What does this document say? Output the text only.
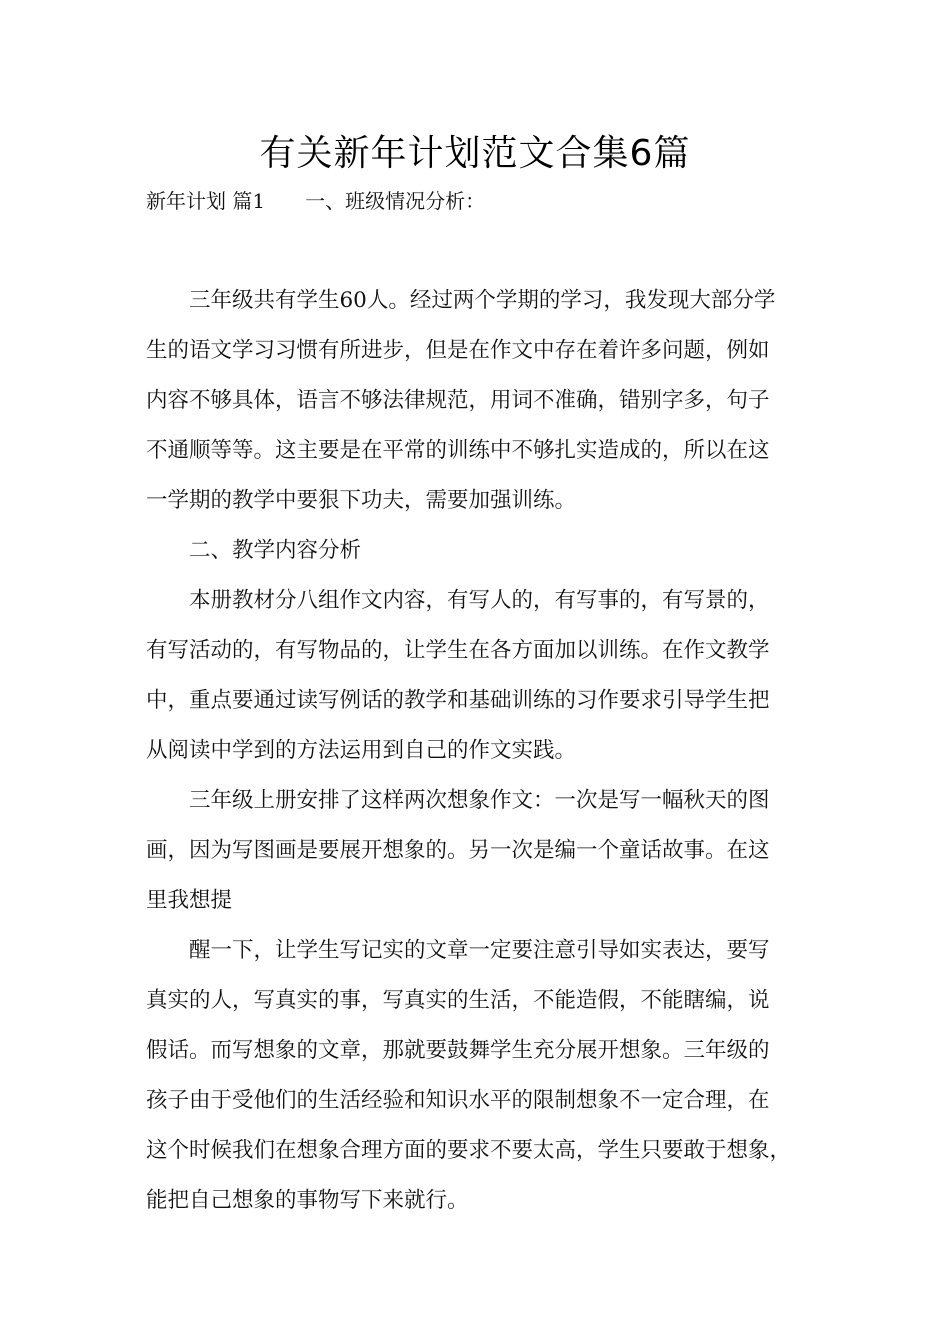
有关新年计划范文合集6篇
新年计划 篇1 一、班级情况分析：
　　三年级共有学生60人。经过两个学期的学习，我发现大部分学
生的语文学习习惯有所进步，但是在作文中存在着许多问题，例如
内容不够具体，语言不够法律规范，用词不准确，错别字多，句子
不通顺等等。这主要是在平常的训练中不够扎实造成的，所以在这
一学期的教学中要狠下功夫，需要加强训练。
　　二、教学内容分析
　　本册教材分八组作文内容，有写人的，有写事的，有写景的，
有写活动的，有写物品的，让学生在各方面加以训练。在作文教学
中，重点要通过读写例话的教学和基础训练的习作要求引导学生把
从阅读中学到的方法运用到自己的作文实践。
　　三年级上册安排了这样两次想象作文：一次是写一幅秋天的图
画，因为写图画是要展开想象的。另一次是编一个童话故事。在这
里我想提
　　醒一下，让学生写记实的文章一定要注意引导如实表达，要写
真实的人，写真实的事，写真实的生活，不能造假，不能瞎编，说
假话。而写想象的文章，那就要鼓舞学生充分展开想象。三年级的
孩子由于受他们的生活经验和知识水平的限制想象不一定合理，在
这个时候我们在想象合理方面的要求不要太高，学生只要敢于想象，
能把自己想象的事物写下来就行。
